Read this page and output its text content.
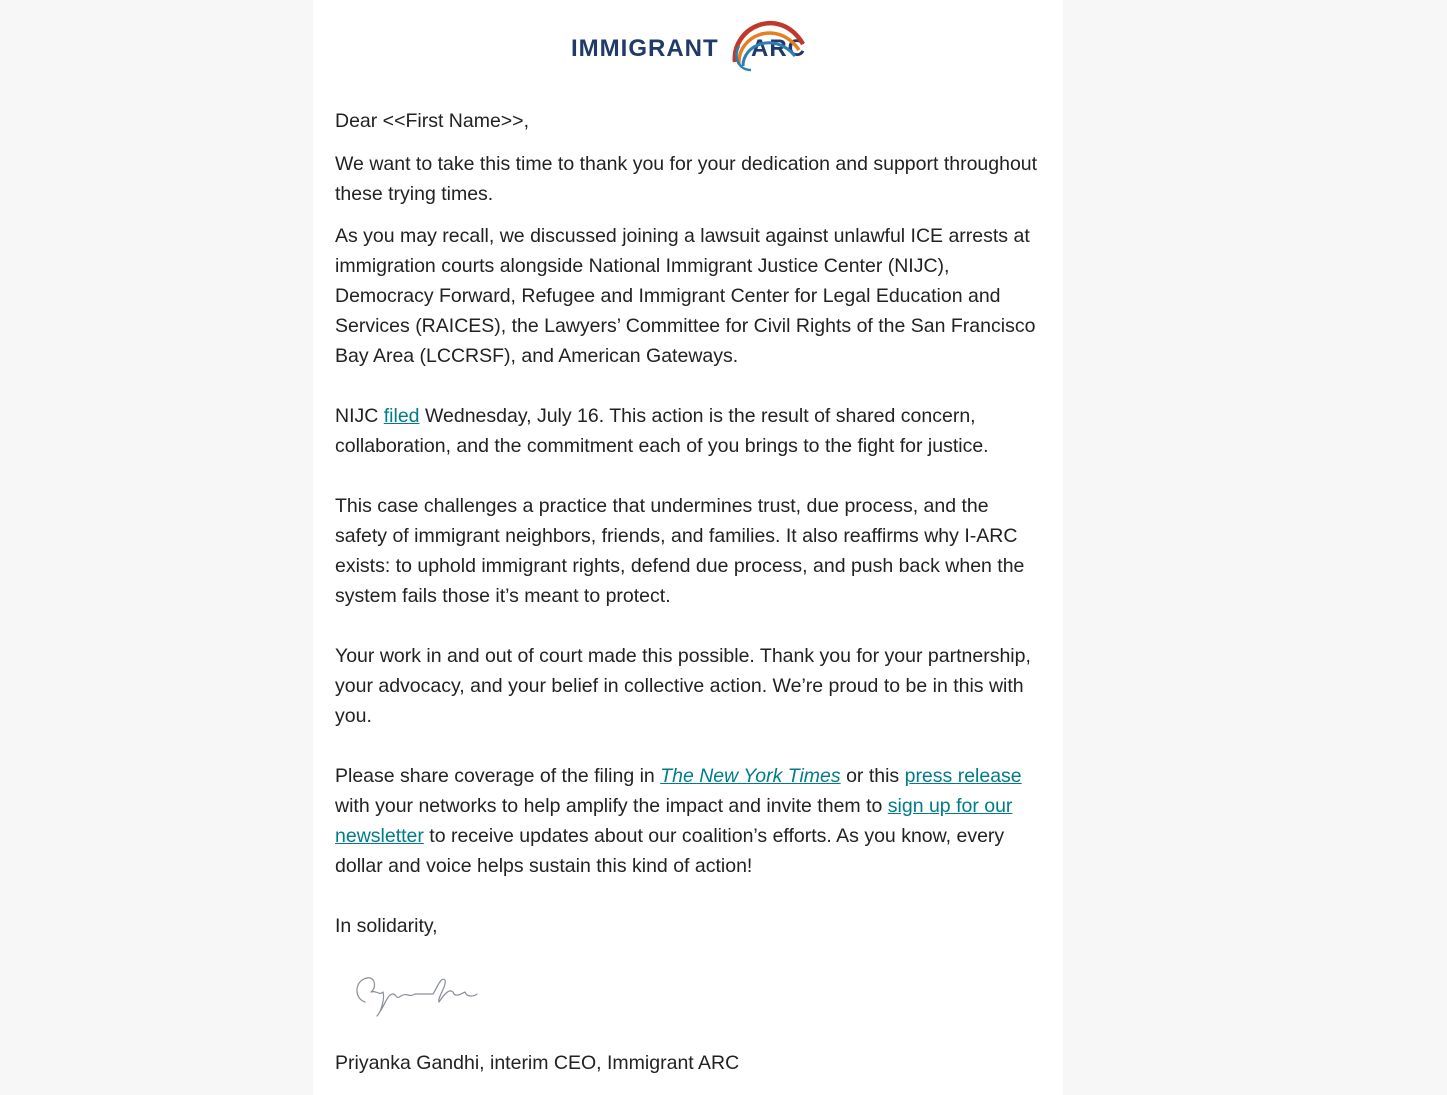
IMMIGRANT ARC

Dear <<First Name>>,

We want to take this time to thank you for your dedication and support throughout these trying times.

As you may recall, we discussed joining a lawsuit against unlawful ICE arrests at immigration courts alongside National Immigrant Justice Center (NIJC), Democracy Forward, Refugee and Immigrant Center for Legal Education and Services (RAICES), the Lawyers’ Committee for Civil Rights of the San Francisco Bay Area (LCCRSF), and American Gateways.

NIJC filed Wednesday, July 16. This action is the result of shared concern, collaboration, and the commitment each of you brings to the fight for justice.

This case challenges a practice that undermines trust, due process, and the safety of immigrant neighbors, friends, and families. It also reaffirms why I-ARC exists: to uphold immigrant rights, defend due process, and push back when the system fails those it’s meant to protect.

Your work in and out of court made this possible. Thank you for your partnership, your advocacy, and your belief in collective action. We’re proud to be in this with you.

Please share coverage of the filing in The New York Times or this press release with your networks to help amplify the impact and invite them to sign up for our newsletter to receive updates about our coalition’s efforts. As you know, every dollar and voice helps sustain this kind of action!

In solidarity,

Priyanka Gandhi, interim CEO, Immigrant ARC
